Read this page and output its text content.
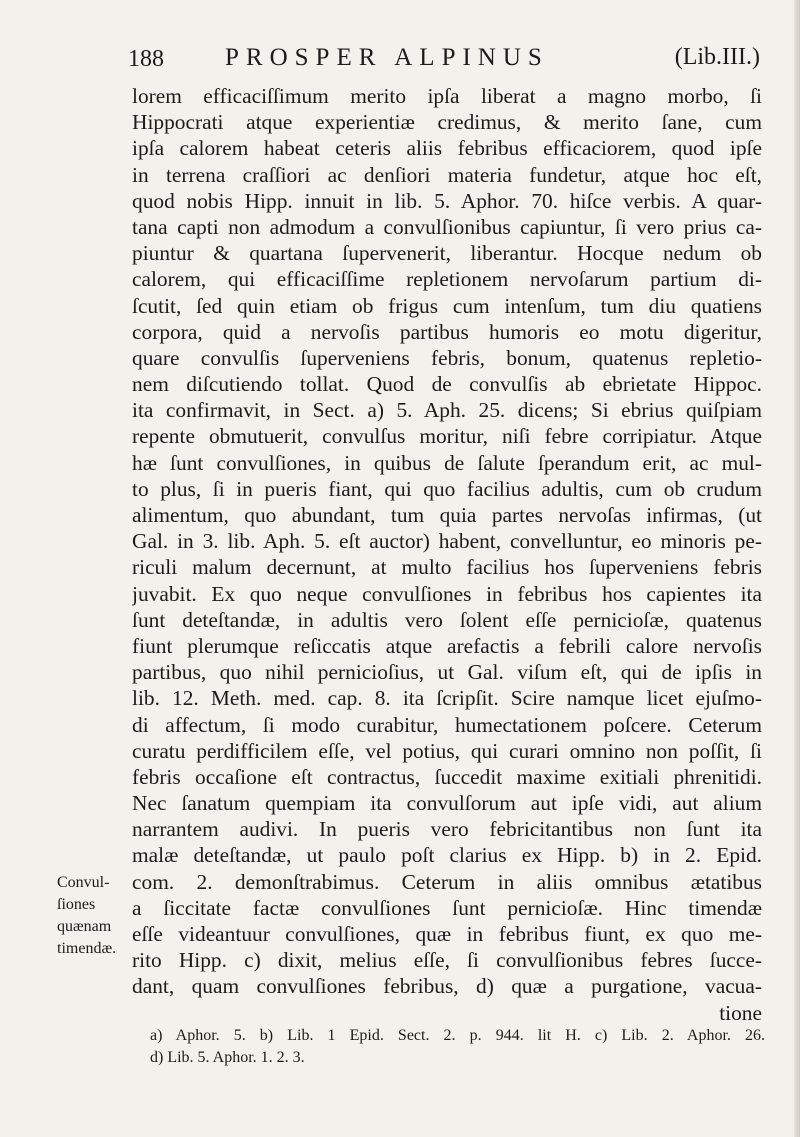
188 PROSPER ALPINUS	(Lib.III.)
lorem efficaciſſimum merito ipſa liberat a magno morbo, ſi
Hippocrati atque experientiæ credimus, & merito ſane, cum
ipſa calorem habeat ceteris aliis febribus efficaciorem, quod ipſe
in terrena craſſiori ac denſiori materia fundetur, atque hoc eſt,
quod nobis Hipp. innuit in lib. 5. Aphor. 70. hiſce verbis. A quar-
tana capti non admodum a convulſionibus capiuntur, ſi vero prius ca-
piuntur & quartana ſupervenerit, liberantur. Hocque nedum ob
calorem, qui efficaciſſime repletionem nervoſarum partium di-
ſcutit, ſed quin etiam ob frigus cum intenſum, tum diu quatiens
corpora, quid a nervoſis partibus humoris eo motu digeritur,
quare convulſis ſuperveniens febris, bonum, quatenus repletio-
nem diſcutiendo tollat. Quod de convulſis ab ebrietate Hippoc.
ita confirmavit, in Sect. a) 5. Aph. 25. dicens; Si ebrius quiſpiam
repente obmutuerit, convulſus moritur, niſi febre corripiatur. Atque
hæ ſunt convulſiones, in quibus de ſalute ſperandum erit, ac mul-
to plus, ſi in pueris fiant, qui quo facilius adultis, cum ob crudum
alimentum, quo abundant, tum quia partes nervoſas infirmas, (ut
Gal. in 3. lib. Aph. 5. eſt auctor) habent, convelluntur, eo minoris pe-
riculi malum decernunt, at multo facilius hos ſuperveniens febris
juvabit. Ex quo neque convulſiones in febribus hos capientes ita
ſunt deteſtandæ, in adultis vero ſolent eſſe pernicioſæ, quatenus
fiunt plerumque reſiccatis atque arefactis a febrili calore nervoſis
partibus, quo nihil pernicioſius, ut Gal. viſum eſt, qui de ipſis in
lib. 12. Meth. med. cap. 8. ita ſcripſit. Scire namque licet ejuſmo-
di affectum, ſi modo curabitur, humectationem poſcere. Ceterum
curatu perdifficilem eſſe, vel potius, qui curari omnino non poſſit, ſi
febris occaſione eſt contractus, ſuccedit maxime exitiali phrenitidi.
Nec ſanatum quempiam ita convulſorum aut ipſe vidi, aut alium
narrantem audivi. In pueris vero febricitantibus non ſunt ita
malæ deteſtandæ, ut paulo poſt clarius ex Hipp. b) in 2. Epid.
com. 2. demonſtrabimus. Ceterum in aliis omnibus ætatibus
a ſiccitate factæ convulſiones ſunt pernicioſæ. Hinc timendæ
eſſe videantuur convulſiones, quæ in febribus fiunt, ex quo me-
rito Hipp. c) dixit, melius eſſe, ſi convulſionibus febres ſucce-
dant, quam convulſiones febribus, d) quæ a purgatione, vacua-
tione
Convul-
ſiones
quænam
timendæ.
a) Aphor. 5. b) Lib. 1 Epid. Sect. 2. p. 944. lit H. c) Lib. 2. Aphor. 26.
d) Lib. 5. Aphor. 1. 2. 3.
